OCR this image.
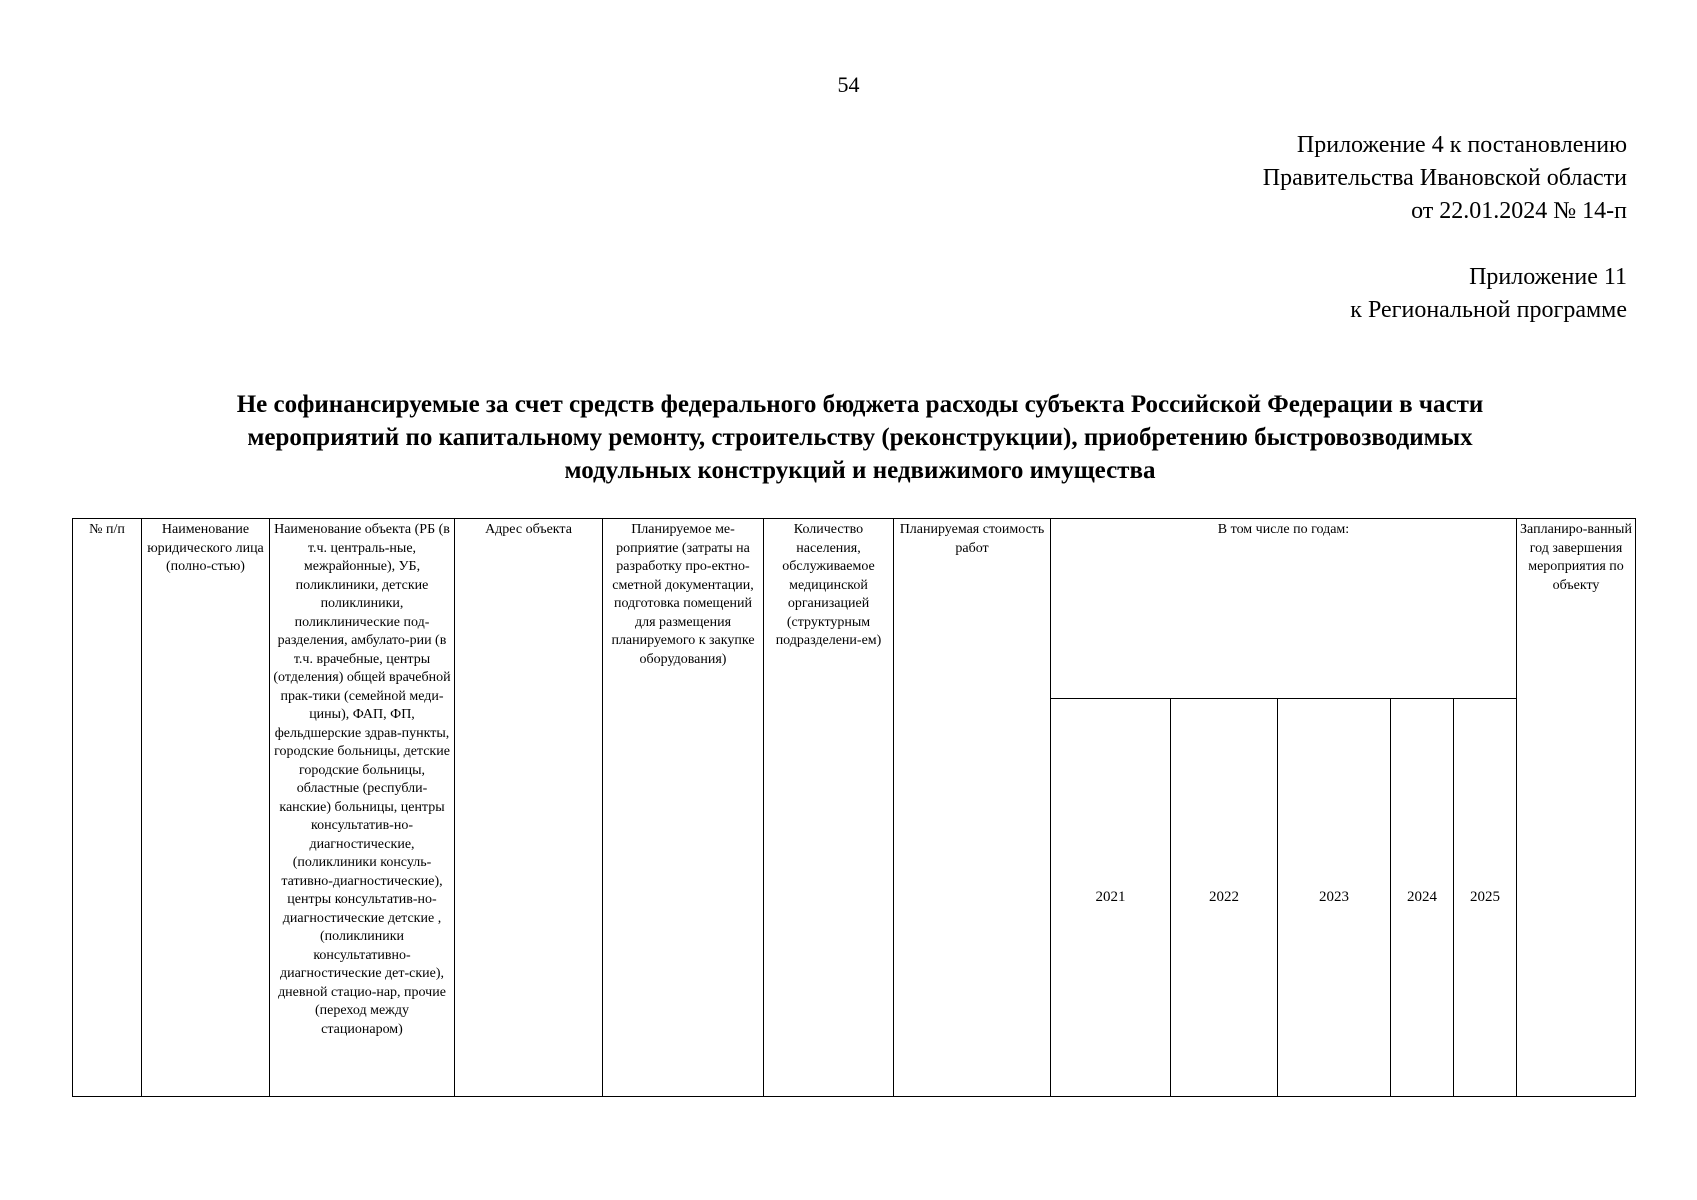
54
Приложение 4 к постановлению
Правительства Ивановской области
от 22.01.2024 № 14-п
Приложение 11
к Региональной программе
Не софинансируемые за счет средств федерального бюджета расходы субъекта Российской Федерации в части
мероприятий по капитальному ремонту, строительству (реконструкции), приобретению быстровозводимых
модульных конструкций и недвижимого имущества
№ п/п	Наименование юридического лица (полно-стью)	Наименование объекта (РБ (в т.ч. централь-ные, межрайонные), УБ, поликлиники, детские поликлиники, поликлинические под-разделения, амбулато-рии (в т.ч. врачебные, центры (отделения) общей врачебной прак-тики (семейной меди-цины), ФАП, ФП, фельдшерские здрав-пункты, городские больницы, детские городские больницы, областные (республи-канские) больницы, центры консультатив-но-диагностические, (поликлиники консуль-тативно-диагностические), центры консультатив-но-диагностические детские , (поликлиники консультативно-диагностические дет-ские), дневной стацио-нар, прочие (переход между стационаром)	Адрес объекта	Планируемое ме-роприятие (затраты на разработку про-ектно-сметной документации, подготовка помещений для размещения планируемого к закупке оборудования)	Количество населения, обслуживаемое медицинской организацией (структурным подразделени-ем)	Планируемая стоимость работ	В том числе по годам:					Запланиро-ванный год завершения мероприятия по объекту
							2021	2022	2023	2024	2025	
